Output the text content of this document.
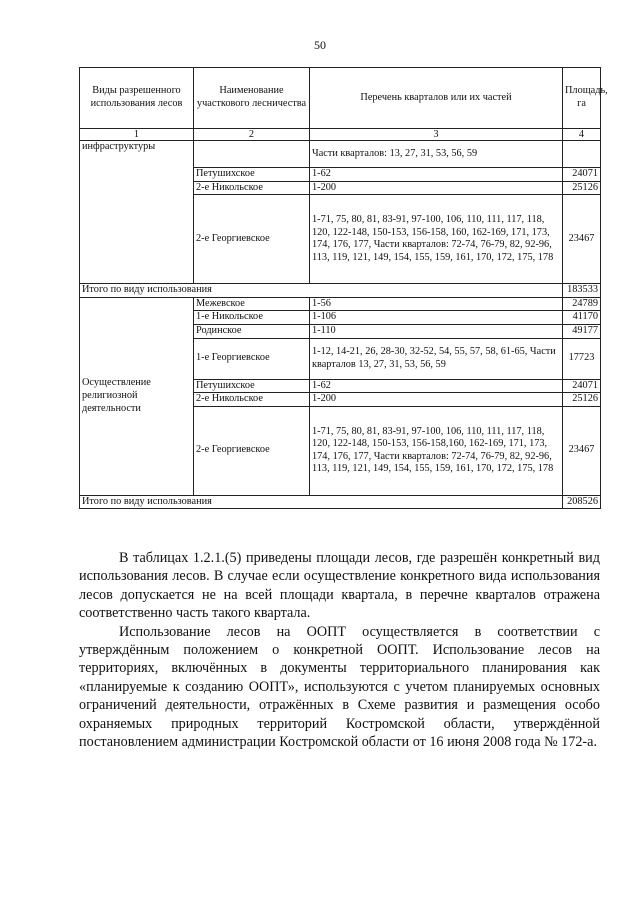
50
Виды разрешенного использования лесов	Наименование участкового лесничества	Перечень кварталов или их частей	Площадь, га
1	2	3	4
инфраструктуры		Части кварталов: 13, 27, 31, 53, 56, 59	
	Петушихское	1-62	24071
	2-е Никольское	1-200	25126
	2-е Георгиевское	1-71, 75, 80, 81, 83-91, 97-100, 106, 110, 111, 117, 118, 120, 122-148, 150-153, 156-158, 160, 162-169, 171, 173, 174, 176, 177, Части кварталов: 72-74, 76-79, 82, 92-96, 113, 119, 121, 149, 154, 155, 159, 161, 170, 172, 175, 178	23467
Итого по виду использования			183533
Осуществление религиозной деятельности	Межевское	1-56	24789
	1-е Никольское	1-106	41170
	Родинское	1-110	49177
	1-е Георгиевское	1-12, 14-21, 26, 28-30, 32-52, 54, 55, 57, 58, 61-65, Части кварталов 13, 27, 31, 53, 56, 59	17723
	Петушихское	1-62	24071
	2-е Никольское	1-200	25126
	2-е Георгиевское	1-71, 75, 80, 81, 83-91, 97-100, 106, 110, 111, 117, 118, 120, 122-148, 150-153, 156-158,160, 162-169, 171, 173, 174, 176, 177, Части кварталов: 72-74, 76-79, 82, 92-96, 113, 119, 121, 149, 154, 155, 159, 161, 170, 172, 175, 178	23467
Итого по виду использования			208526

В таблицах 1.2.1.(5) приведены площади лесов, где разрешён конкретный вид использования лесов. В случае если осуществление конкретного вида использования лесов допускается не на всей площади квартала, в перечне кварталов отражена соответственно часть такого квартала.

Использование лесов на ООПТ осуществляется в соответствии с утверждённым положением о конкретной ООПТ. Использование лесов на территориях, включённых в документы территориального планирования как «планируемые к созданию ООПТ», используются с учетом планируемых основных ограничений деятельности, отражённых в Схеме развития и размещения особо охраняемых природных территорий Костромской области, утверждённой постановлением администрации Костромской области от 16 июня 2008 года № 172-а.
